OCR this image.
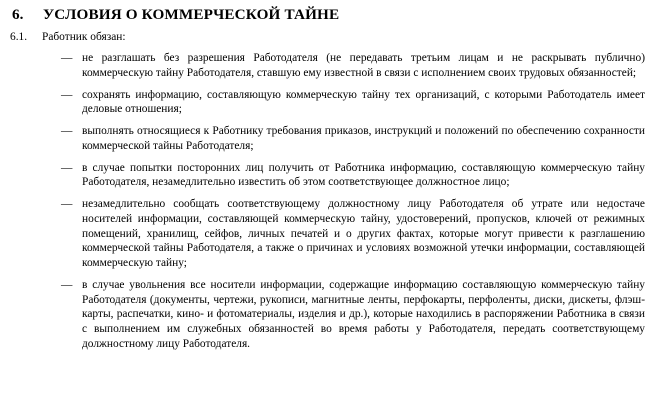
6. УСЛОВИЯ О КОММЕРЧЕСКОЙ ТАЙНЕ
6.1. Работник обязан:
— не разглашать без разрешения Работодателя (не передавать третьим лицам и не раскрывать публично) коммерческую тайну Работодателя, ставшую ему известной в связи с исполнением своих трудовых обязанностей;
— сохранять информацию, составляющую коммерческую тайну тех организаций, с которыми Работодатель имеет деловые отношения;
— выполнять относящиеся к Работнику требования приказов, инструкций и положений по обеспечению сохранности коммерческой тайны Работодателя;
— в случае попытки посторонних лиц получить от Работника информацию, составляющую коммерческую тайну Работодателя, незамедлительно известить об этом соответствующее должностное лицо;
— незамедлительно сообщать соответствующему должностному лицу Работодателя об утрате или недостаче носителей информации, составляющей коммерческую тайну, удостоверений, пропусков, ключей от режимных помещений, хранилищ, сейфов, личных печатей и о других фактах, которые могут привести к разглашению коммерческой тайны Работодателя, а также о причинах и условиях возможной утечки информации, составляющей коммерческую тайну;
— в случае увольнения все носители информации, содержащие информацию составляющую коммерческую тайну Работодателя (документы, чертежи, рукописи, магнитные ленты, перфокарты, перфоленты, диски, дискеты, флэш-карты, распечатки, кино- и фотоматериалы, изделия и др.), которые находились в распоряжении Работника в связи с выполнением им служебных обязанностей во время работы у Работодателя, передать соответствующему должностному лицу Работодателя.
